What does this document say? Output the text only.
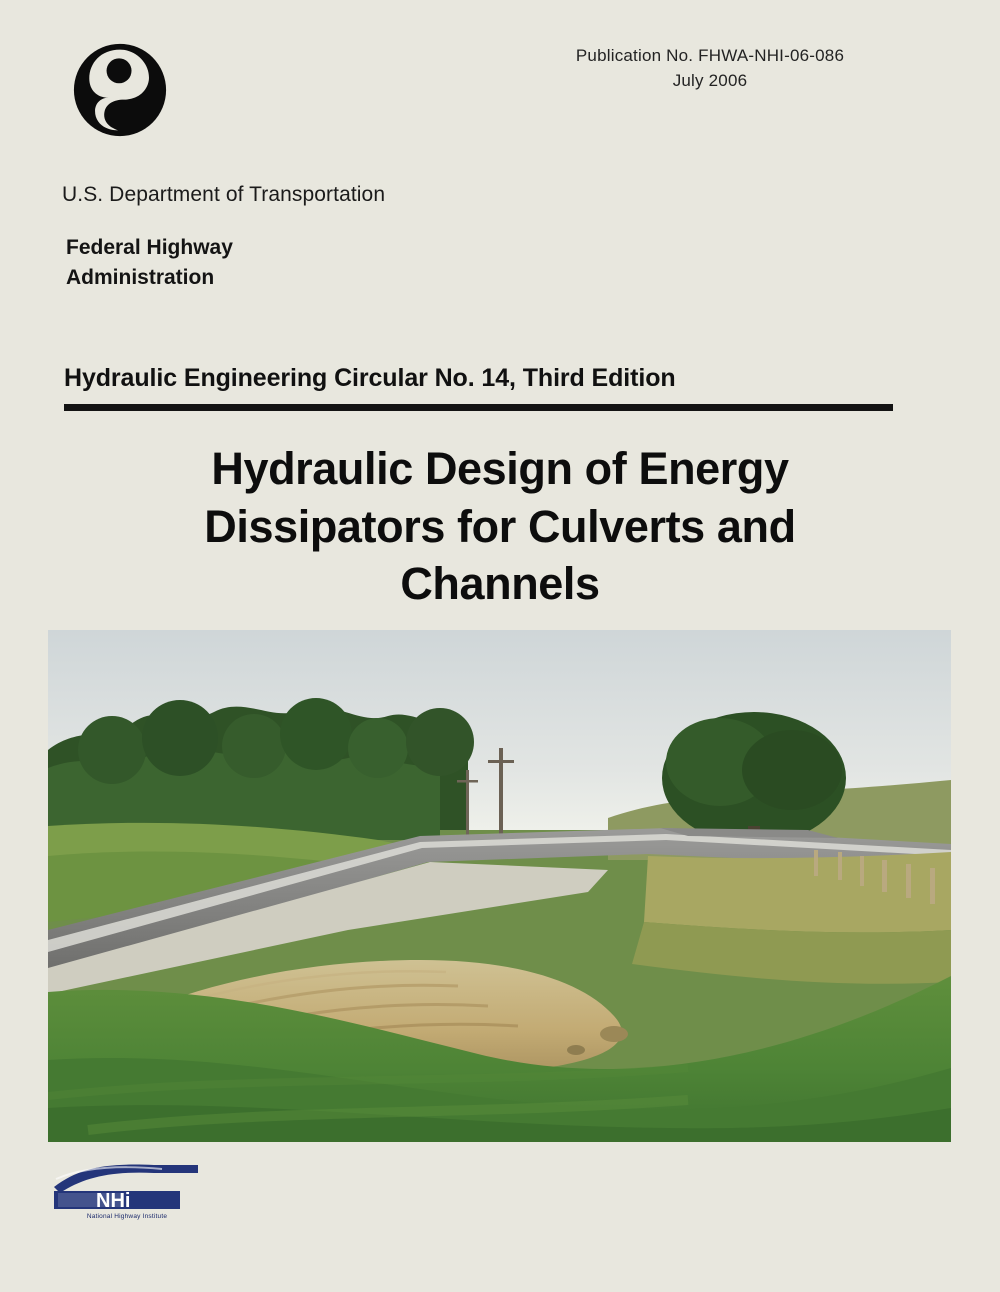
Publication No. FHWA-NHI-06-086
July 2006
U.S. Department of Transportation
Federal Highway
Administration
Hydraulic Engineering Circular No. 14, Third Edition
Hydraulic Design of Energy
Dissipators for Culverts and
Channels
NHi
National Highway Institute
